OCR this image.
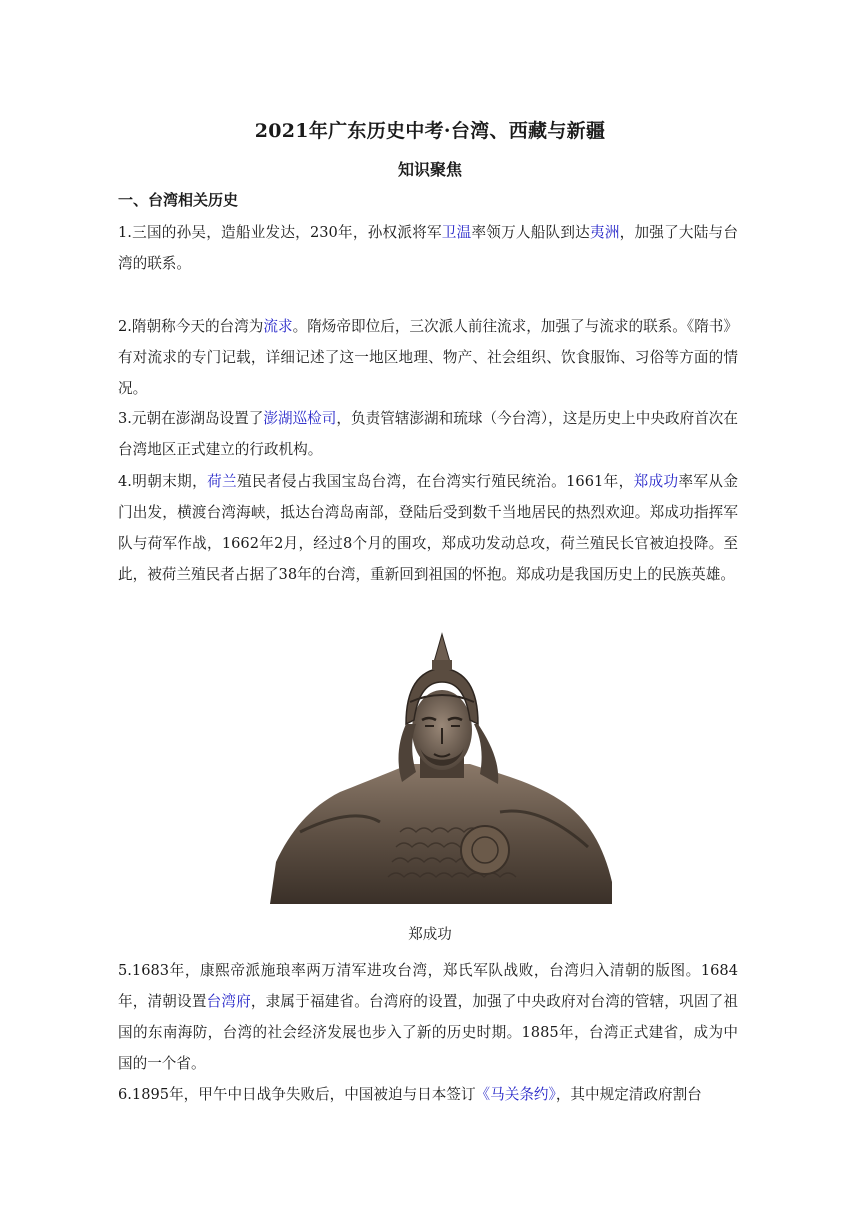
2021年广东历史中考·台湾、西藏与新疆
知识聚焦
一、台湾相关历史
1.三国的孙吴，造船业发达，230年，孙权派将军卫温率领万人船队到达夷洲，加强了大陆与台湾的联系。
2.隋朝称今天的台湾为流求。隋炀帝即位后，三次派人前往流求，加强了与流求的联系。《隋书》有对流求的专门记载，详细记述了这一地区地理、物产、社会组织、饮食服饰、习俗等方面的情况。
3.元朝在澎湖岛设置了澎湖巡检司，负责管辖澎湖和琉球（今台湾），这是历史上中央政府首次在台湾地区正式建立的行政机构。
4.明朝末期，荷兰殖民者侵占我国宝岛台湾，在台湾实行殖民统治。1661年，郑成功率军从金门出发，横渡台湾海峡，抵达台湾岛南部，登陆后受到数千当地居民的热烈欢迎。郑成功指挥军队与荷军作战，1662年2月，经过8个月的围攻，郑成功发动总攻，荷兰殖民长官被迫投降。至此，被荷兰殖民者占据了38年的台湾，重新回到祖国的怀抱。郑成功是我国历史上的民族英雄。
郑成功
5.1683年，康熙帝派施琅率两万清军进攻台湾，郑氏军队战败，台湾归入清朝的版图。1684年，清朝设置台湾府，隶属于福建省。台湾府的设置，加强了中央政府对台湾的管辖，巩固了祖国的东南海防，台湾的社会经济发展也步入了新的历史时期。1885年，台湾正式建省，成为中国的一个省。
6.1895年，甲午中日战争失败后，中国被迫与日本签订《马关条约》，其中规定清政府割台
